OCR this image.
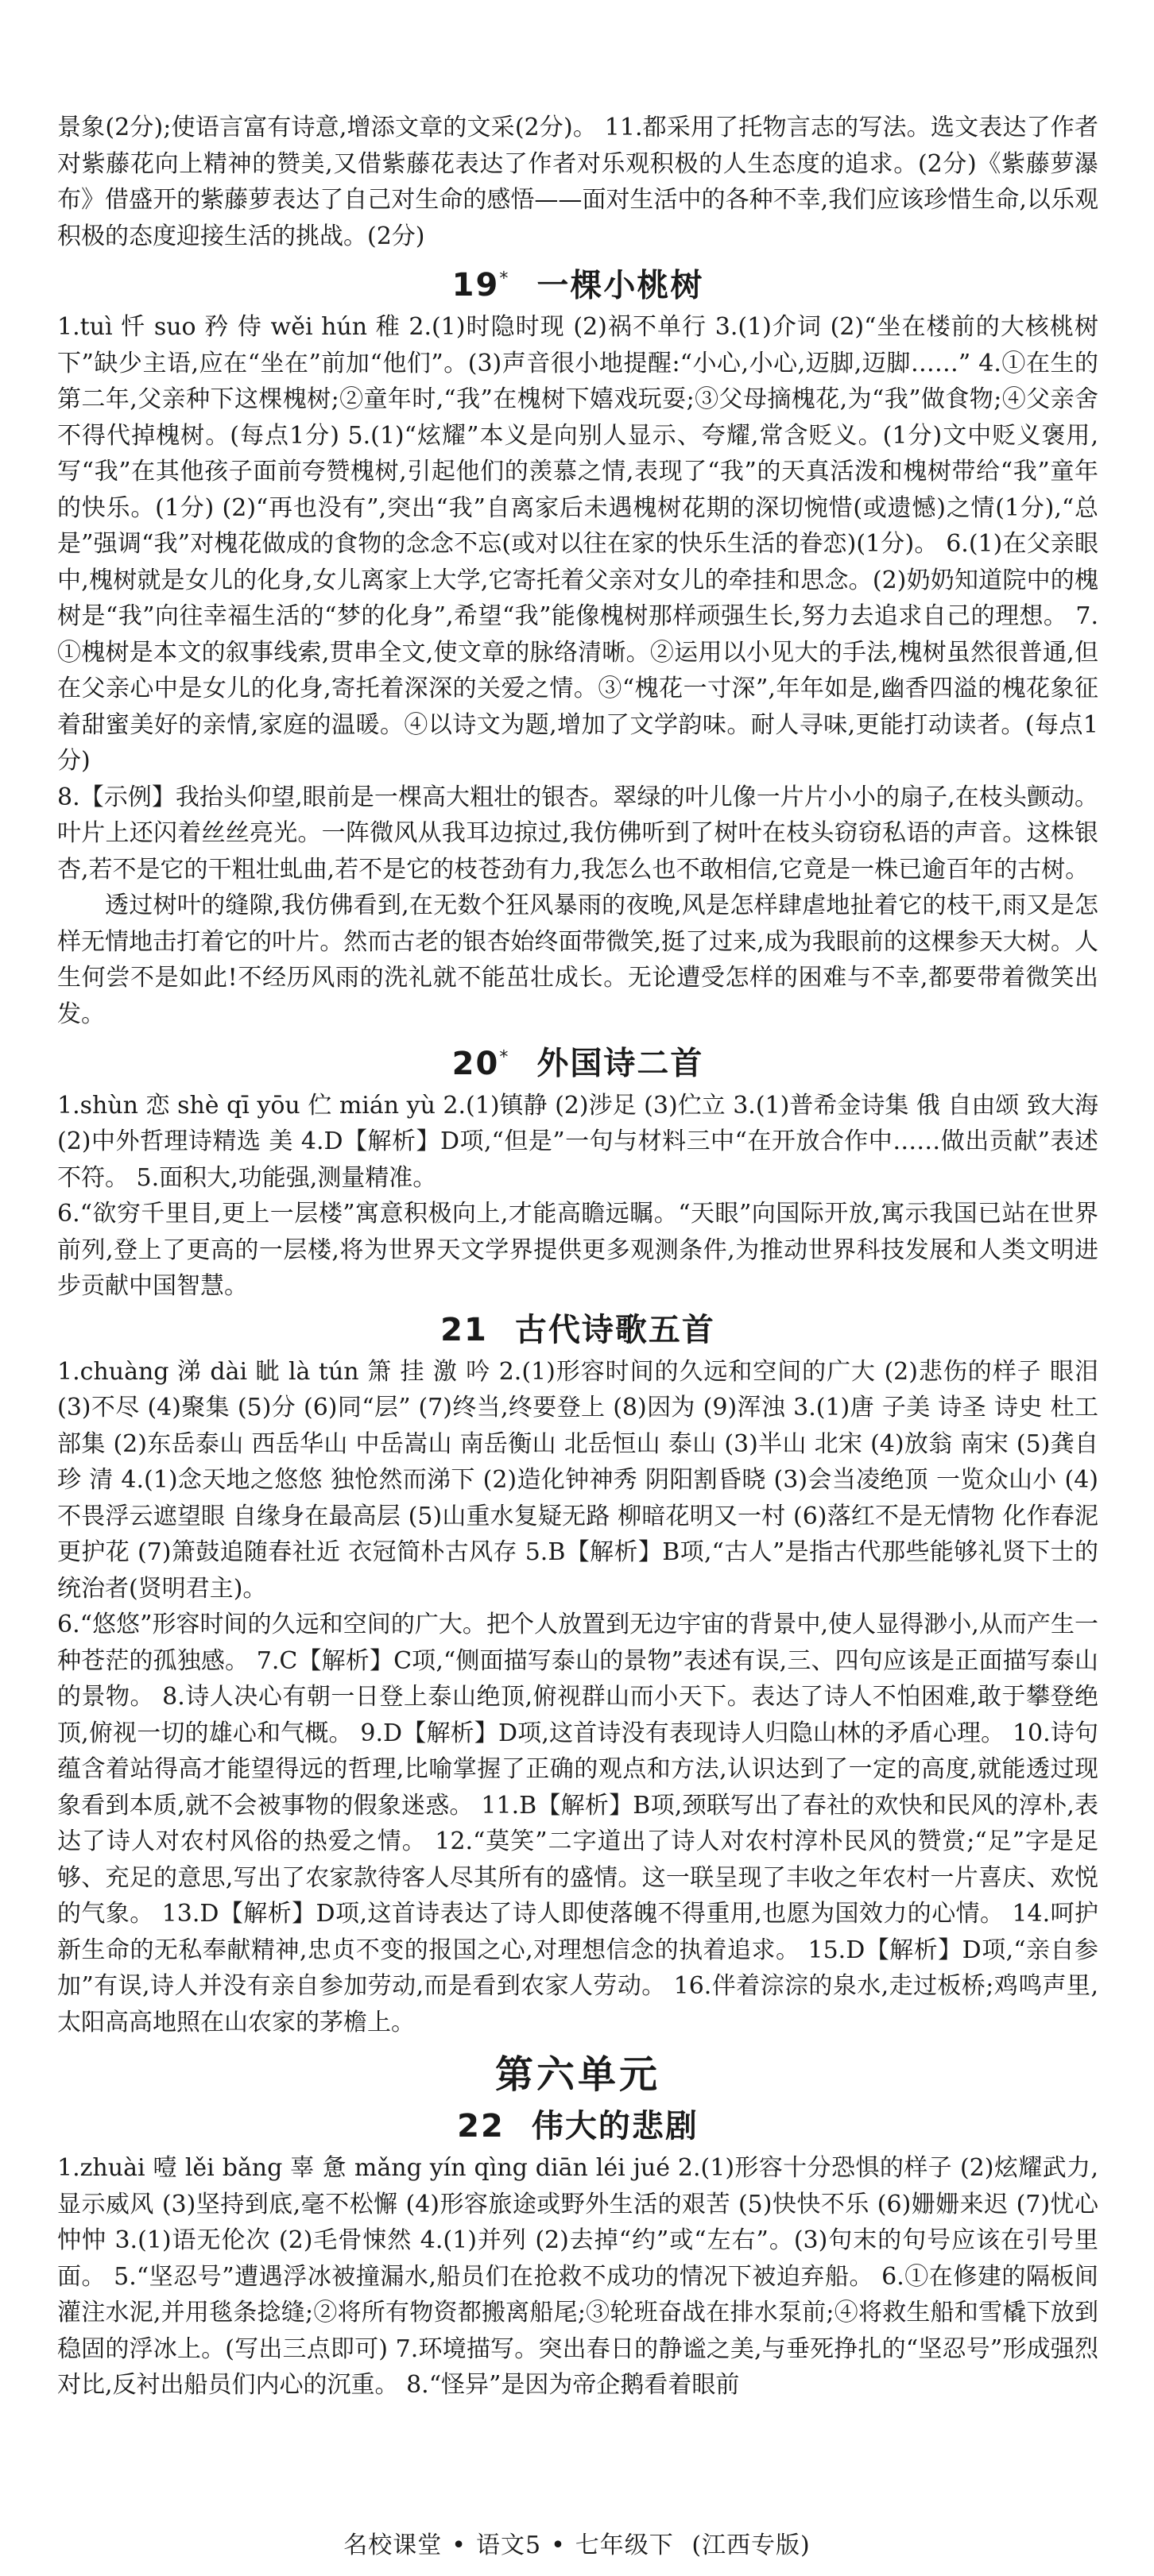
景象(2分);使语言富有诗意,增添文章的文采(2分)。 11.都采用了托物言志的写法。选文表达了作者对紫藤花向上精神的赞美,又借紫藤花表达了作者对乐观积极的人生态度的追求。(2分)《紫藤萝瀑布》借盛开的紫藤萝表达了自己对生命的感悟——面对生活中的各种不幸,我们应该珍惜生命,以乐观积极的态度迎接生活的挑战。(2分)

19* 一棵小桃树

1.tuì 忏 suo 矜 侍 wěi hún 稚 2.(1)时隐时现 (2)祸不单行 3.(1)介词 (2)“坐在楼前的大核桃树下”缺少主语,应在“坐在”前加“他们”。(3)声音很小地提醒:“小心,小心,迈脚,迈脚……” 4.①在生的第二年,父亲种下这棵槐树;②童年时,“我”在槐树下嬉戏玩耍;③父母摘槐花,为“我”做食物;④父亲舍不得代掉槐树。(每点1分) 5.(1)“炫耀”本义是向别人显示、夸耀,常含贬义。(1分)文中贬义褒用,写“我”在其他孩子面前夸赞槐树,引起他们的羡慕之情,表现了“我”的天真活泼和槐树带给“我”童年的快乐。(1分) (2)“再也没有”,突出“我”自离家后未遇槐树花期的深切惋惜(或遗憾)之情(1分),“总是”强调“我”对槐花做成的食物的念念不忘(或对以往在家的快乐生活的眷恋)(1分)。 6.(1)在父亲眼中,槐树就是女儿的化身,女儿离家上大学,它寄托着父亲对女儿的牵挂和思念。(2)奶奶知道院中的槐树是“我”向往幸福生活的“梦的化身”,希望“我”能像槐树那样顽强生长,努力去追求自己的理想。 7.①槐树是本文的叙事线索,贯串全文,使文章的脉络清晰。②运用以小见大的手法,槐树虽然很普通,但在父亲心中是女儿的化身,寄托着深深的关爱之情。③“槐花一寸深”,年年如是,幽香四溢的槐花象征着甜蜜美好的亲情,家庭的温暖。④以诗文为题,增加了文学韵味。耐人寻味,更能打动读者。(每点1分)

8.【示例】我抬头仰望,眼前是一棵高大粗壮的银杏。翠绿的叶儿像一片片小小的扇子,在枝头颤动。叶片上还闪着丝丝亮光。一阵微风从我耳边掠过,我仿佛听到了树叶在枝头窃窃私语的声音。这株银杏,若不是它的干粗壮虬曲,若不是它的枝苍劲有力,我怎么也不敢相信,它竟是一株已逾百年的古树。

透过树叶的缝隙,我仿佛看到,在无数个狂风暴雨的夜晚,风是怎样肆虐地扯着它的枝干,雨又是怎样无情地击打着它的叶片。然而古老的银杏始终面带微笑,挺了过来,成为我眼前的这棵参天大树。人生何尝不是如此!不经历风雨的洗礼就不能茁壮成长。无论遭受怎样的困难与不幸,都要带着微笑出发。

20* 外国诗二首

1.shùn 恋 shè qī yōu 伫 mián yù 2.(1)镇静 (2)涉足 (3)伫立 3.(1)普希金诗集 俄 自由颂 致大海 (2)中外哲理诗精选 美 4.D【解析】D项,“但是”一句与材料三中“在开放合作中……做出贡献”表述不符。 5.面积大,功能强,测量精准。

6.“欲穷千里目,更上一层楼”寓意积极向上,才能高瞻远瞩。“天眼”向国际开放,寓示我国已站在世界前列,登上了更高的一层楼,将为世界天文学界提供更多观测条件,为推动世界科技发展和人类文明进步贡献中国智慧。

21 古代诗歌五首

1.chuàng 涕 dài 眦 là tún 箫 挂 激 吟 2.(1)形容时间的久远和空间的广大 (2)悲伤的样子 眼泪 (3)不尽 (4)聚集 (5)分 (6)同“层” (7)终当,终要登上 (8)因为 (9)浑浊 3.(1)唐 子美 诗圣 诗史 杜工部集 (2)东岳泰山 西岳华山 中岳嵩山 南岳衡山 北岳恒山 泰山 (3)半山 北宋 (4)放翁 南宋 (5)龚自珍 清 4.(1)念天地之悠悠 独怆然而涕下 (2)造化钟神秀 阴阳割昏晓 (3)会当凌绝顶 一览众山小 (4)不畏浮云遮望眼 自缘身在最高层 (5)山重水复疑无路 柳暗花明又一村 (6)落红不是无情物 化作春泥更护花 (7)箫鼓追随春社近 衣冠简朴古风存 5.B【解析】B项,“古人”是指古代那些能够礼贤下士的统治者(贤明君主)。

6.“悠悠”形容时间的久远和空间的广大。把个人放置到无边宇宙的背景中,使人显得渺小,从而产生一种苍茫的孤独感。 7.C【解析】C项,“侧面描写泰山的景物”表述有误,三、四句应该是正面描写泰山的景物。 8.诗人决心有朝一日登上泰山绝顶,俯视群山而小天下。表达了诗人不怕困难,敢于攀登绝顶,俯视一切的雄心和气概。 9.D【解析】D项,这首诗没有表现诗人归隐山林的矛盾心理。 10.诗句蕴含着站得高才能望得远的哲理,比喻掌握了正确的观点和方法,认识达到了一定的高度,就能透过现象看到本质,就不会被事物的假象迷惑。 11.B【解析】B项,颈联写出了春社的欢快和民风的淳朴,表达了诗人对农村风俗的热爱之情。 12.“莫笑”二字道出了诗人对农村淳朴民风的赞赏;“足”字是足够、充足的意思,写出了农家款待客人尽其所有的盛情。这一联呈现了丰收之年农村一片喜庆、欢悦的气象。 13.D【解析】D项,这首诗表达了诗人即使落魄不得重用,也愿为国效力的心情。 14.呵护新生命的无私奉献精神,忠贞不变的报国之心,对理想信念的执着追求。 15.D【解析】D项,“亲自参加”有误,诗人并没有亲自参加劳动,而是看到农家人劳动。 16.伴着淙淙的泉水,走过板桥;鸡鸣声里,太阳高高地照在山农家的茅檐上。

第六单元
22 伟大的悲剧

1.zhuài 噎 lěi bǎng 辜 惫 mǎng yín qìng diān léi jué 2.(1)形容十分恐惧的样子 (2)炫耀武力,显示威风 (3)坚持到底,毫不松懈 (4)形容旅途或野外生活的艰苦 (5)快快不乐 (6)姗姗来迟 (7)忧心忡忡 3.(1)语无伦次 (2)毛骨悚然 4.(1)并列 (2)去掉“约”或“左右”。(3)句末的句号应该在引号里面。 5.“坚忍号”遭遇浮冰被撞漏水,船员们在抢救不成功的情况下被迫弃船。 6.①在修建的隔板间灌注水泥,并用毯条捻缝;②将所有物资都搬离船尾;③轮班奋战在排水泵前;④将救生船和雪橇下放到稳固的浮冰上。(写出三点即可) 7.环境描写。突出春日的静谧之美,与垂死挣扎的“坚忍号”形成强烈对比,反衬出船员们内心的沉重。 8.“怪异”是因为帝企鹅看着眼前

名校课堂 • 语文5 • 七年级下 (江西专版)
